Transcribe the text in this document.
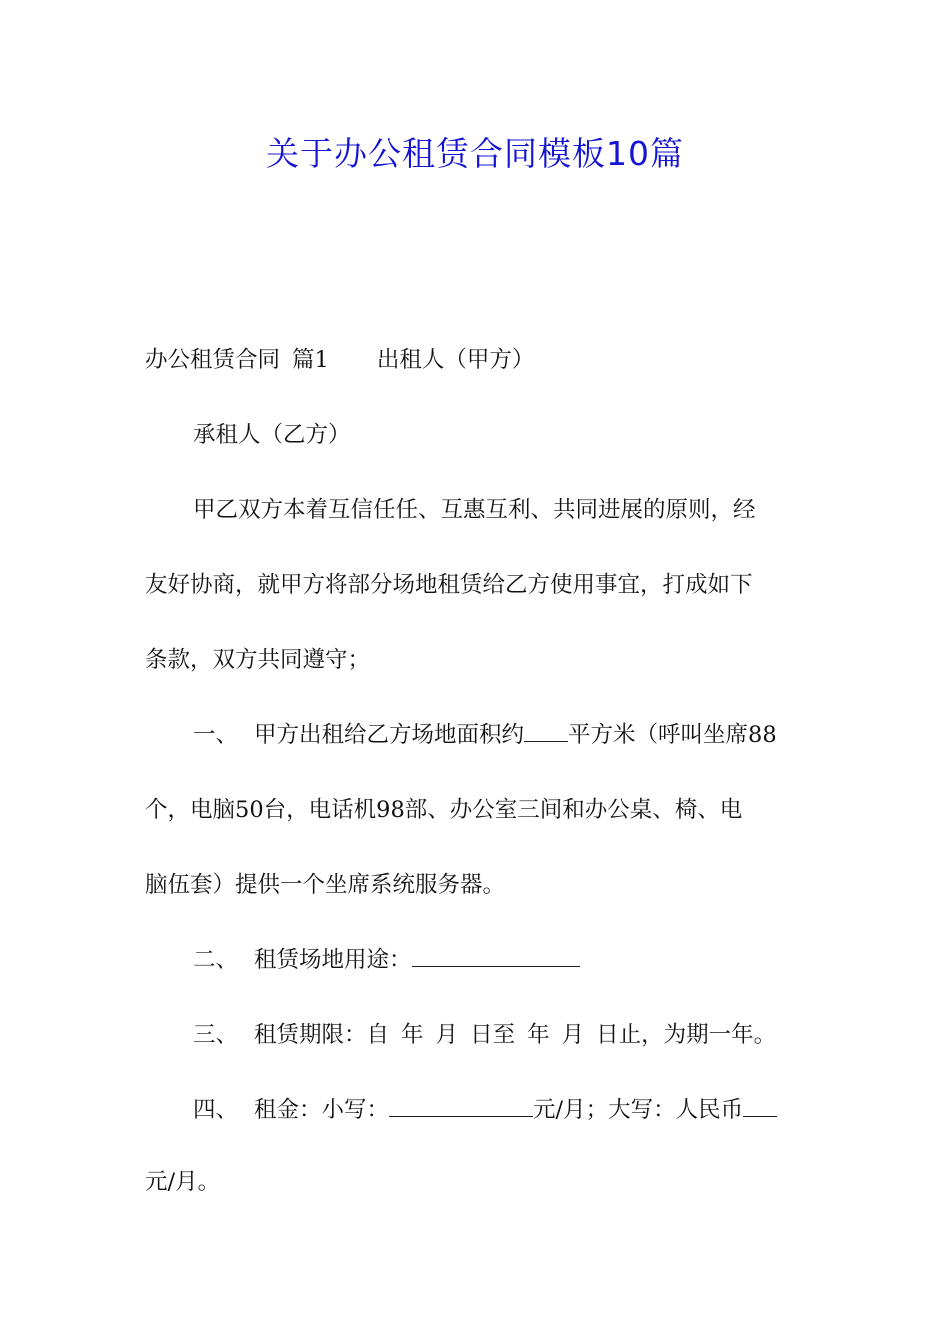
关于办公租赁合同模板10篇
办公租赁合同 篇1 出租人（甲方）
承租人（乙方）
甲乙双方本着互信任任、互惠互利、共同进展的原则，经
友好协商，就甲方将部分场地租赁给乙方使用事宜，打成如下
条款，双方共同遵守；
一、 甲方出租给乙方场地面积约 平方米（呼叫坐席88
个，电脑50台，电话机98部、办公室三间和办公桌、椅、电
脑伍套）提供一个坐席系统服务器。
二、 租赁场地用途：
三、 租赁期限：自 年 月 日至 年 月 日止，为期一年。
四、 租金：小写：	元/月；大写：人民币
元/月。
